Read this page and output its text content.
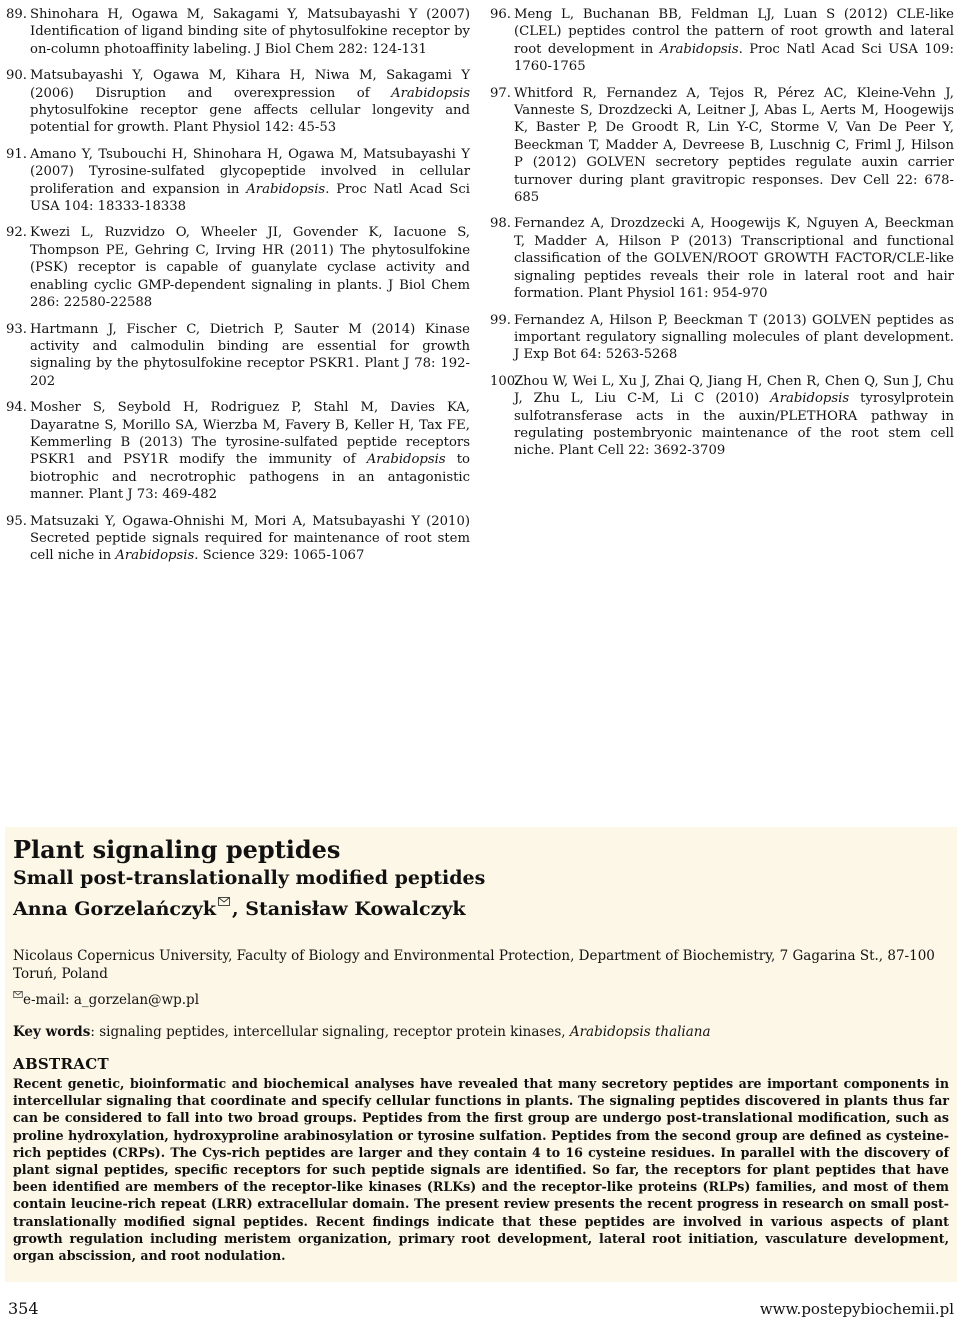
89. Shinohara H, Ogawa M, Sakagami Y, Matsubayashi Y (2007) Identification of ligand binding site of phytosulfokine receptor by on-column photoaffinity labeling. J Biol Chem 282: 124-131

90. Matsubayashi Y, Ogawa M, Kihara H, Niwa M, Sakagami Y (2006) Disruption and overexpression of Arabidopsis phytosulfokine receptor gene affects cellular longevity and potential for growth. Plant Physiol 142: 45-53

91. Amano Y, Tsubouchi H, Shinohara H, Ogawa M, Matsubayashi Y (2007) Tyrosine-sulfated glycopeptide involved in cellular proliferation and expansion in Arabidopsis. Proc Natl Acad Sci USA 104: 18333-18338

92. Kwezi L, Ruzvidzo O, Wheeler JI, Govender K, Iacuone S, Thompson PE, Gehring C, Irving HR (2011) The phytosulfokine (PSK) receptor is capable of guanylate cyclase activity and enabling cyclic GMP-dependent signaling in plants. J Biol Chem 286: 22580-22588

93. Hartmann J, Fischer C, Dietrich P, Sauter M (2014) Kinase activity and calmodulin binding are essential for growth signaling by the phytosulfokine receptor PSKR1. Plant J 78: 192-202

94. Mosher S, Seybold H, Rodriguez P, Stahl M, Davies KA, Dayaratne S, Morillo SA, Wierzba M, Favery B, Keller H, Tax FE, Kemmerling B (2013) The tyrosine-sulfated peptide receptors PSKR1 and PSY1R modify the immunity of Arabidopsis to biotrophic and necrotrophic pathogens in an antagonistic manner. Plant J 73: 469-482

95. Matsuzaki Y, Ogawa-Ohnishi M, Mori A, Matsubayashi Y (2010) Secreted peptide signals required for maintenance of root stem cell niche in Arabidopsis. Science 329: 1065-1067

96. Meng L, Buchanan BB, Feldman LJ, Luan S (2012) CLE-like (CLEL) peptides control the pattern of root growth and lateral root development in Arabidopsis. Proc Natl Acad Sci USA 109: 1760-1765

97. Whitford R, Fernandez A, Tejos R, Pérez AC, Kleine-Vehn J, Vanneste S, Drozdzecki A, Leitner J, Abas L, Aerts M, Hoogewijs K, Baster P, De Groodt R, Lin Y-C, Storme V, Van De Peer Y, Beeckman T, Madder A, Devreese B, Luschnig C, Friml J, Hilson P (2012) GOLVEN secretory peptides regulate auxin carrier turnover during plant gravitropic responses. Dev Cell 22: 678-685

98. Fernandez A, Drozdzecki A, Hoogewijs K, Nguyen A, Beeckman T, Madder A, Hilson P (2013) Transcriptional and functional classification of the GOLVEN/ROOT GROWTH FACTOR/CLE-like signaling peptides reveals their role in lateral root and hair formation. Plant Physiol 161: 954-970

99. Fernandez A, Hilson P, Beeckman T (2013) GOLVEN peptides as important regulatory signalling molecules of plant development. J Exp Bot 64: 5263-5268

100.Zhou W, Wei L, Xu J, Zhai Q, Jiang H, Chen R, Chen Q, Sun J, Chu J, Zhu L, Liu C-M, Li C (2010) Arabidopsis tyrosylprotein sulfotransferase acts in the auxin/PLETHORA pathway in regulating postembryonic maintenance of the root stem cell niche. Plant Cell 22: 3692-3709

Plant signaling peptides

Small post-translationally modified peptides

Anna Gorzelańczyk , Stanisław Kowalczyk

Nicolaus Copernicus University, Faculty of Biology and Environmental Protection, Department of Biochemistry, 7 Gagarina St., 87-100 Toruń, Poland

e-mail: a_gorzelan@wp.pl

Key words: signaling peptides, intercellular signaling, receptor protein kinases, Arabidopsis thaliana

ABSTRACT

Recent genetic, bioinformatic and biochemical analyses have revealed that many secretory peptides are important components in intercellular signaling that coordinate and specify cellular functions in plants. The signaling peptides discovered in plants thus far can be considered to fall into two broad groups. Peptides from the first group are undergo post-translational modification, such as proline hydroxylation, hydroxyproline arabinosylation or tyrosine sulfation. Peptides from the second group are defined as cysteine-rich peptides (CRPs). The Cys-rich peptides are larger and they contain 4 to 16 cysteine residues. In parallel with the discovery of plant signal peptides, specific receptors for such peptide signals are identified. So far, the receptors for plant peptides that have been identified are members of the receptor-like kinases (RLKs) and the receptor-like proteins (RLPs) families, and most of them contain leucine-rich repeat (LRR) extracellular domain. The present review presents the recent progress in research on small post-translationally modified signal peptides. Recent findings indicate that these peptides are involved in various aspects of plant growth regulation including meristem organization, primary root development, lateral root initiation, vasculature development, organ abscission, and root nodulation.

354	www.postepybiochemii.pl
